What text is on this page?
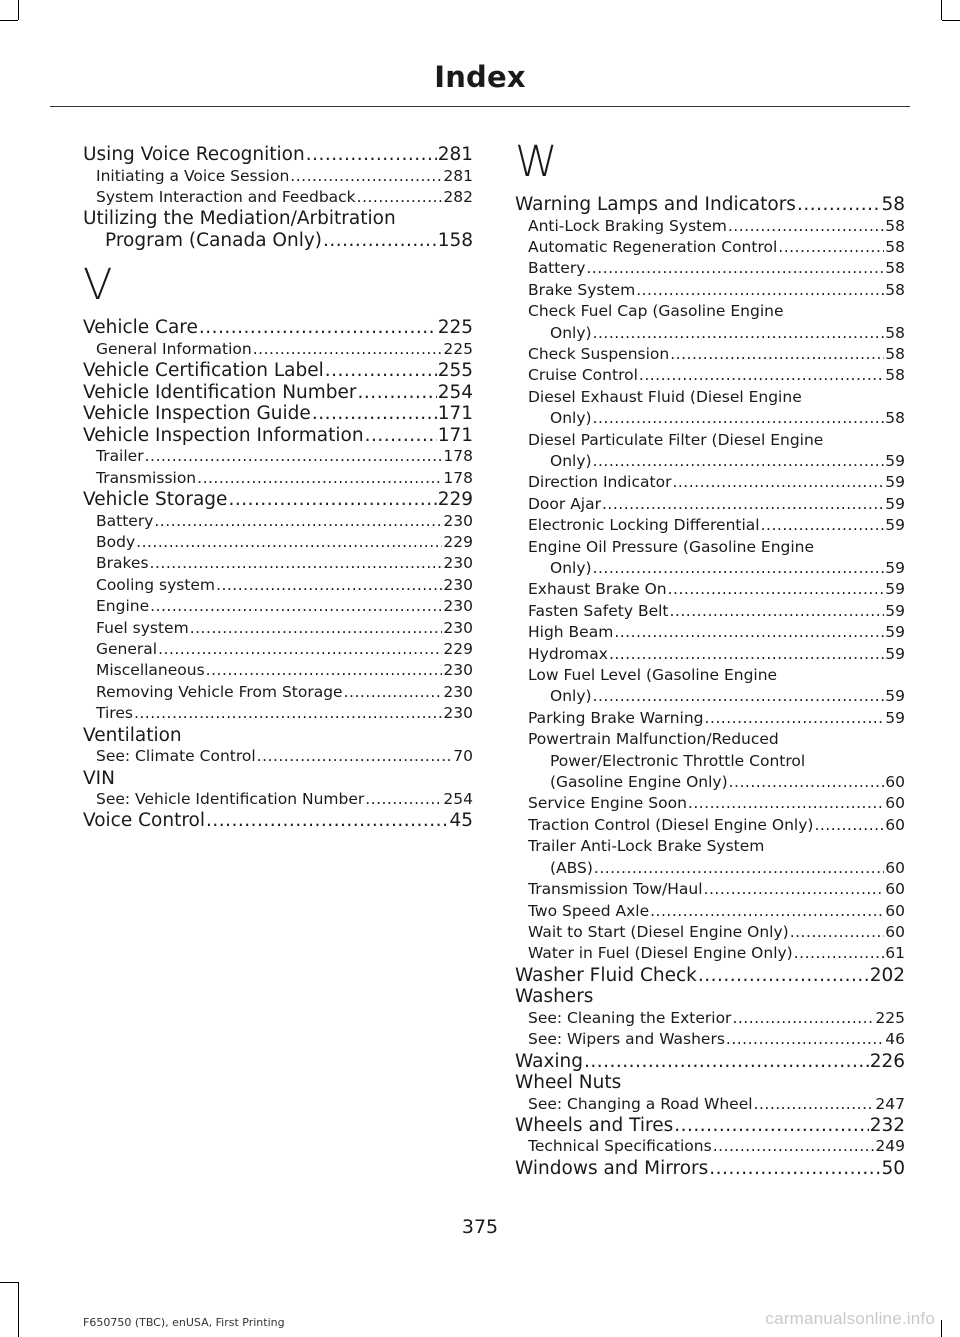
Index
Using Voice Recognition .....	281
Initiating a Voice Session .....	281
System Interaction and Feedback .....	282
Utilizing the Mediation/Arbitration
Program (Canada Only) .....	158
V
Vehicle Care .....	225
General Information .....	225
Vehicle Certification Label .....	255
Vehicle Identification Number .....	254
Vehicle Inspection Guide .....	171
Vehicle Inspection Information .....	171
Trailer .....	178
Transmission .....	178
Vehicle Storage .....	229
Battery .....	230
Body .....	229
Brakes .....	230
Cooling system .....	230
Engine .....	230
Fuel system .....	230
General .....	229
Miscellaneous .....	230
Removing Vehicle From Storage .....	230
Tires .....	230
Ventilation
See: Climate Control .....	70
VIN
See: Vehicle Identification Number .....	254
Voice Control .....	45
W
Warning Lamps and Indicators .....	58
Anti-Lock Braking System .....	58
Automatic Regeneration Control .....	58
Battery .....	58
Brake System .....	58
Check Fuel Cap (Gasoline Engine
Only) .....	58
Check Suspension .....	58
Cruise Control .....	58
Diesel Exhaust Fluid (Diesel Engine
Only) .....	58
Diesel Particulate Filter (Diesel Engine
Only) .....	59
Direction Indicator .....	59
Door Ajar .....	59
Electronic Locking Differential .....	59
Engine Oil Pressure (Gasoline Engine
Only) .....	59
Exhaust Brake On .....	59
Fasten Safety Belt .....	59
High Beam .....	59
Hydromax .....	59
Low Fuel Level (Gasoline Engine
Only) .....	59
Parking Brake Warning .....	59
Powertrain Malfunction/Reduced
Power/Electronic Throttle Control
(Gasoline Engine Only) .....	60
Service Engine Soon .....	60
Traction Control (Diesel Engine Only) .....	60
Trailer Anti-Lock Brake System
(ABS) .....	60
Transmission Tow/Haul .....	60
Two Speed Axle .....	60
Wait to Start (Diesel Engine Only) .....	60
Water in Fuel (Diesel Engine Only) .....	61
Washer Fluid Check .....	202
Washers
See: Cleaning the Exterior .....	225
See: Wipers and Washers .....	46
Waxing .....	226
Wheel Nuts
See: Changing a Road Wheel .....	247
Wheels and Tires .....	232
Technical Specifications .....	249
Windows and Mirrors .....	50
375
F650750 (TBC), enUSA, First Printing	carmanualsonline.info
